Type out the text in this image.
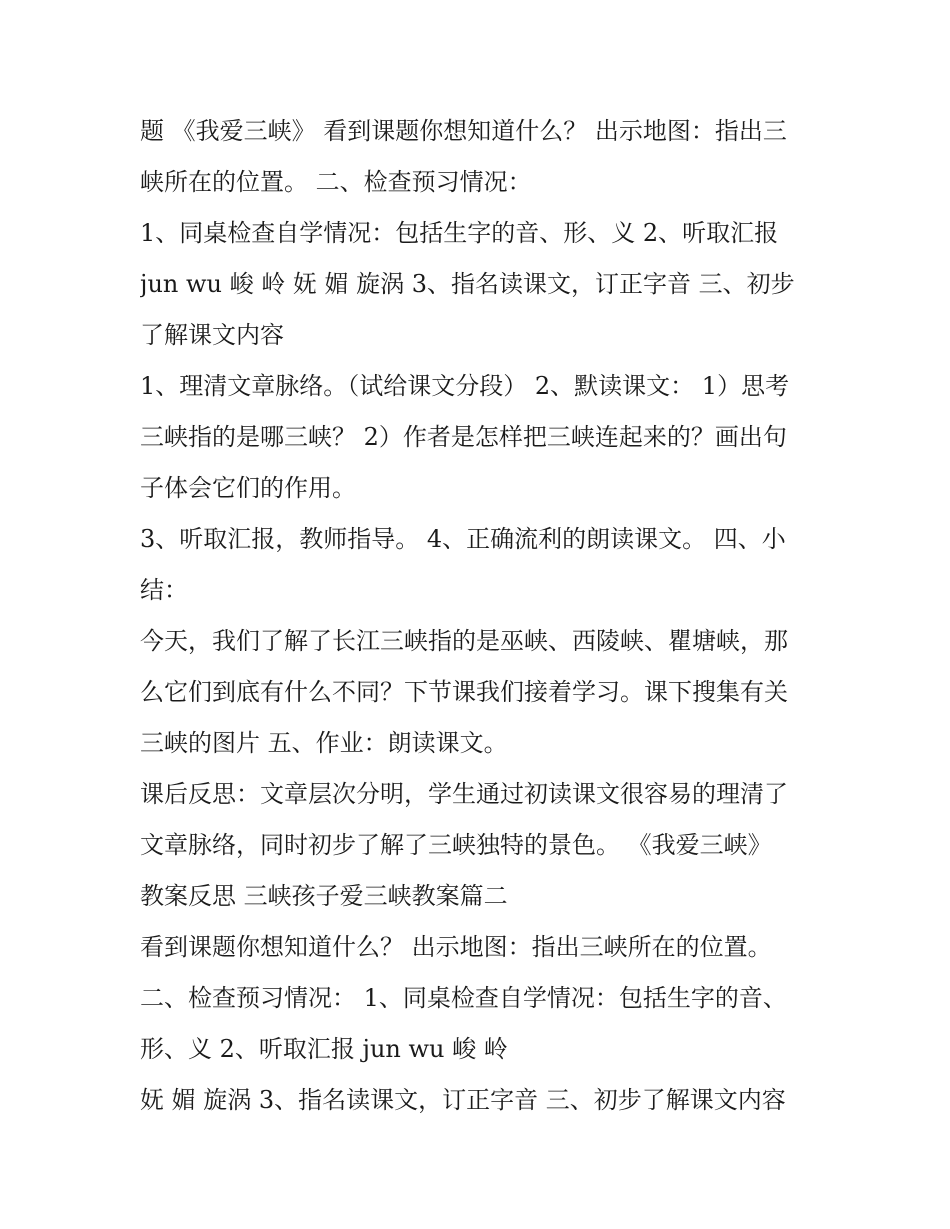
题 《我爱三峡》 看到课题你想知道什么？ 出示地图：指出三
峡所在的位置。 二、检查预习情况：
1、同桌检查自学情况：包括生字的音、形、义 2、听取汇报
jun wu 峻 岭 妩 媚 旋涡 3、指名读课文，订正字音 三、初步
了解课文内容
1、理清文章脉络。（试给课文分段） 2、默读课文： 1）思考
三峡指的是哪三峡？ 2）作者是怎样把三峡连起来的？画出句
子体会它们的作用。
3、听取汇报，教师指导。 4、正确流利的朗读课文。 四、小
结：
今天，我们了解了长江三峡指的是巫峡、西陵峡、瞿塘峡，那
么它们到底有什么不同？下节课我们接着学习。课下搜集有关
三峡的图片 五、作业：朗读课文。
课后反思：文章层次分明，学生通过初读课文很容易的理清了
文章脉络，同时初步了解了三峡独特的景色。 《我爱三峡》
教案反思 三峡孩子爱三峡教案篇二
看到课题你想知道什么？ 出示地图：指出三峡所在的位置。
二、检查预习情况： 1、同桌检查自学情况：包括生字的音、
形、义 2、听取汇报 jun wu 峻 岭
妩 媚 旋涡 3、指名读课文，订正字音 三、初步了解课文内容
